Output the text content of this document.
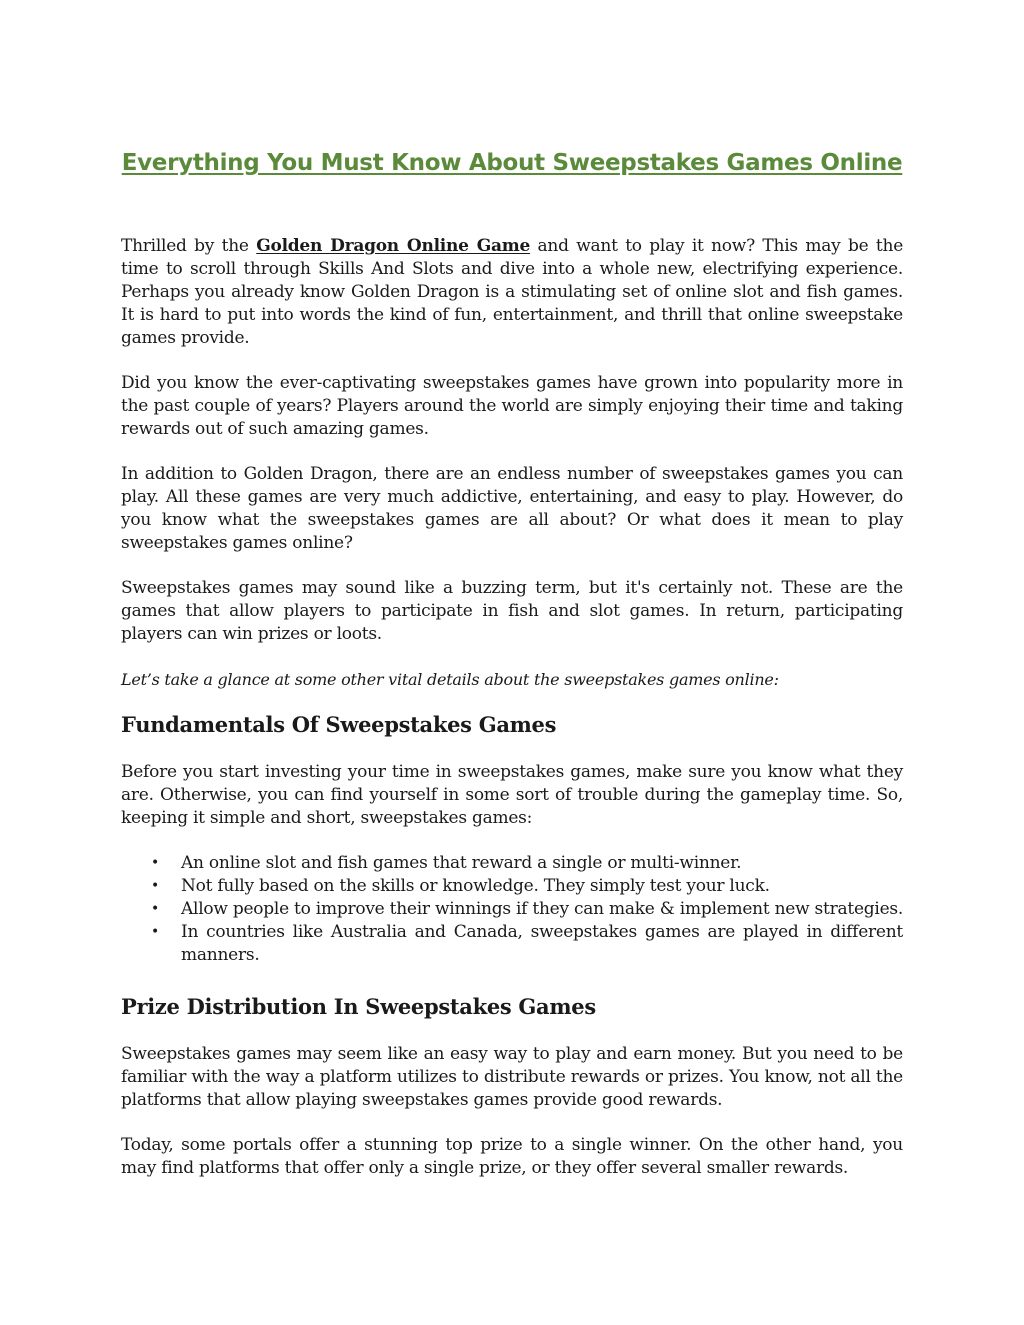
Everything You Must Know About Sweepstakes Games Online

Thrilled by the Golden Dragon Online Game and want to play it now? This may be the time to scroll through Skills And Slots and dive into a whole new, electrifying experience. Perhaps you already know Golden Dragon is a stimulating set of online slot and fish games. It is hard to put into words the kind of fun, entertainment, and thrill that online sweepstake games provide.

Did you know the ever-captivating sweepstakes games have grown into popularity more in the past couple of years? Players around the world are simply enjoying their time and taking rewards out of such amazing games.

In addition to Golden Dragon, there are an endless number of sweepstakes games you can play. All these games are very much addictive, entertaining, and easy to play. However, do you know what the sweepstakes games are all about? Or what does it mean to play sweepstakes games online?

Sweepstakes games may sound like a buzzing term, but it's certainly not. These are the games that allow players to participate in fish and slot games. In return, participating players can win prizes or loots.

Let’s take a glance at some other vital details about the sweepstakes games online:

Fundamentals Of Sweepstakes Games

Before you start investing your time in sweepstakes games, make sure you know what they are. Otherwise, you can find yourself in some sort of trouble during the gameplay time. So, keeping it simple and short, sweepstakes games:

• An online slot and fish games that reward a single or multi-winner.
• Not fully based on the skills or knowledge. They simply test your luck.
• Allow people to improve their winnings if they can make & implement new strategies.
• In countries like Australia and Canada, sweepstakes games are played in different manners.
Prize Distribution In Sweepstakes Games

Sweepstakes games may seem like an easy way to play and earn money. But you need to be familiar with the way a platform utilizes to distribute rewards or prizes. You know, not all the platforms that allow playing sweepstakes games provide good rewards.

Today, some portals offer a stunning top prize to a single winner. On the other hand, you may find platforms that offer only a single prize, or they offer several smaller rewards.
